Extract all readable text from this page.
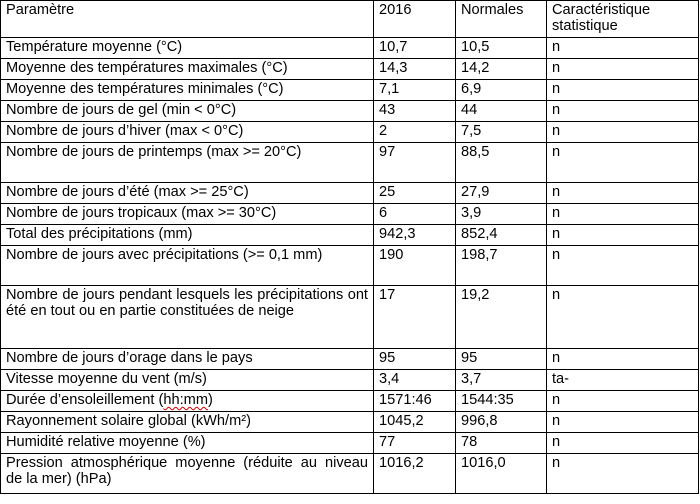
Paramètre	2016	Normales	Caractéristique statistique
Température moyenne (°C)	10,7	10,5	n
Moyenne des températures maximales (°C)	14,3	14,2	n
Moyenne des températures minimales (°C)	7,1	6,9	n
Nombre de jours de gel (min < 0°C)	43	44	n
Nombre de jours d’hiver (max < 0°C)	2	7,5	n
Nombre de jours de printemps (max >= 20°C)	97	88,5	n
Nombre de jours d’été (max >= 25°C)	25	27,9	n
Nombre de jours tropicaux (max >= 30°C)	6	3,9	n
Total des précipitations (mm)	942,3	852,4	n
Nombre de jours avec précipitations (>= 0,1 mm)	190	198,7	n
Nombre de jours pendant lesquels les précipitations ont été en tout ou en partie constituées de neige	17	19,2	n
Nombre de jours d’orage dans le pays	95	95	n
Vitesse moyenne du vent (m/s)	3,4	3,7	ta-
Durée d’ensoleillement (hh:mm)	1571:46	1544:35	n
Rayonnement solaire global (kWh/m²)	1045,2	996,8	n
Humidité relative moyenne (%)	77	78	n
Pression atmosphérique moyenne (réduite au niveau de la mer) (hPa)	1016,2	1016,0	n
